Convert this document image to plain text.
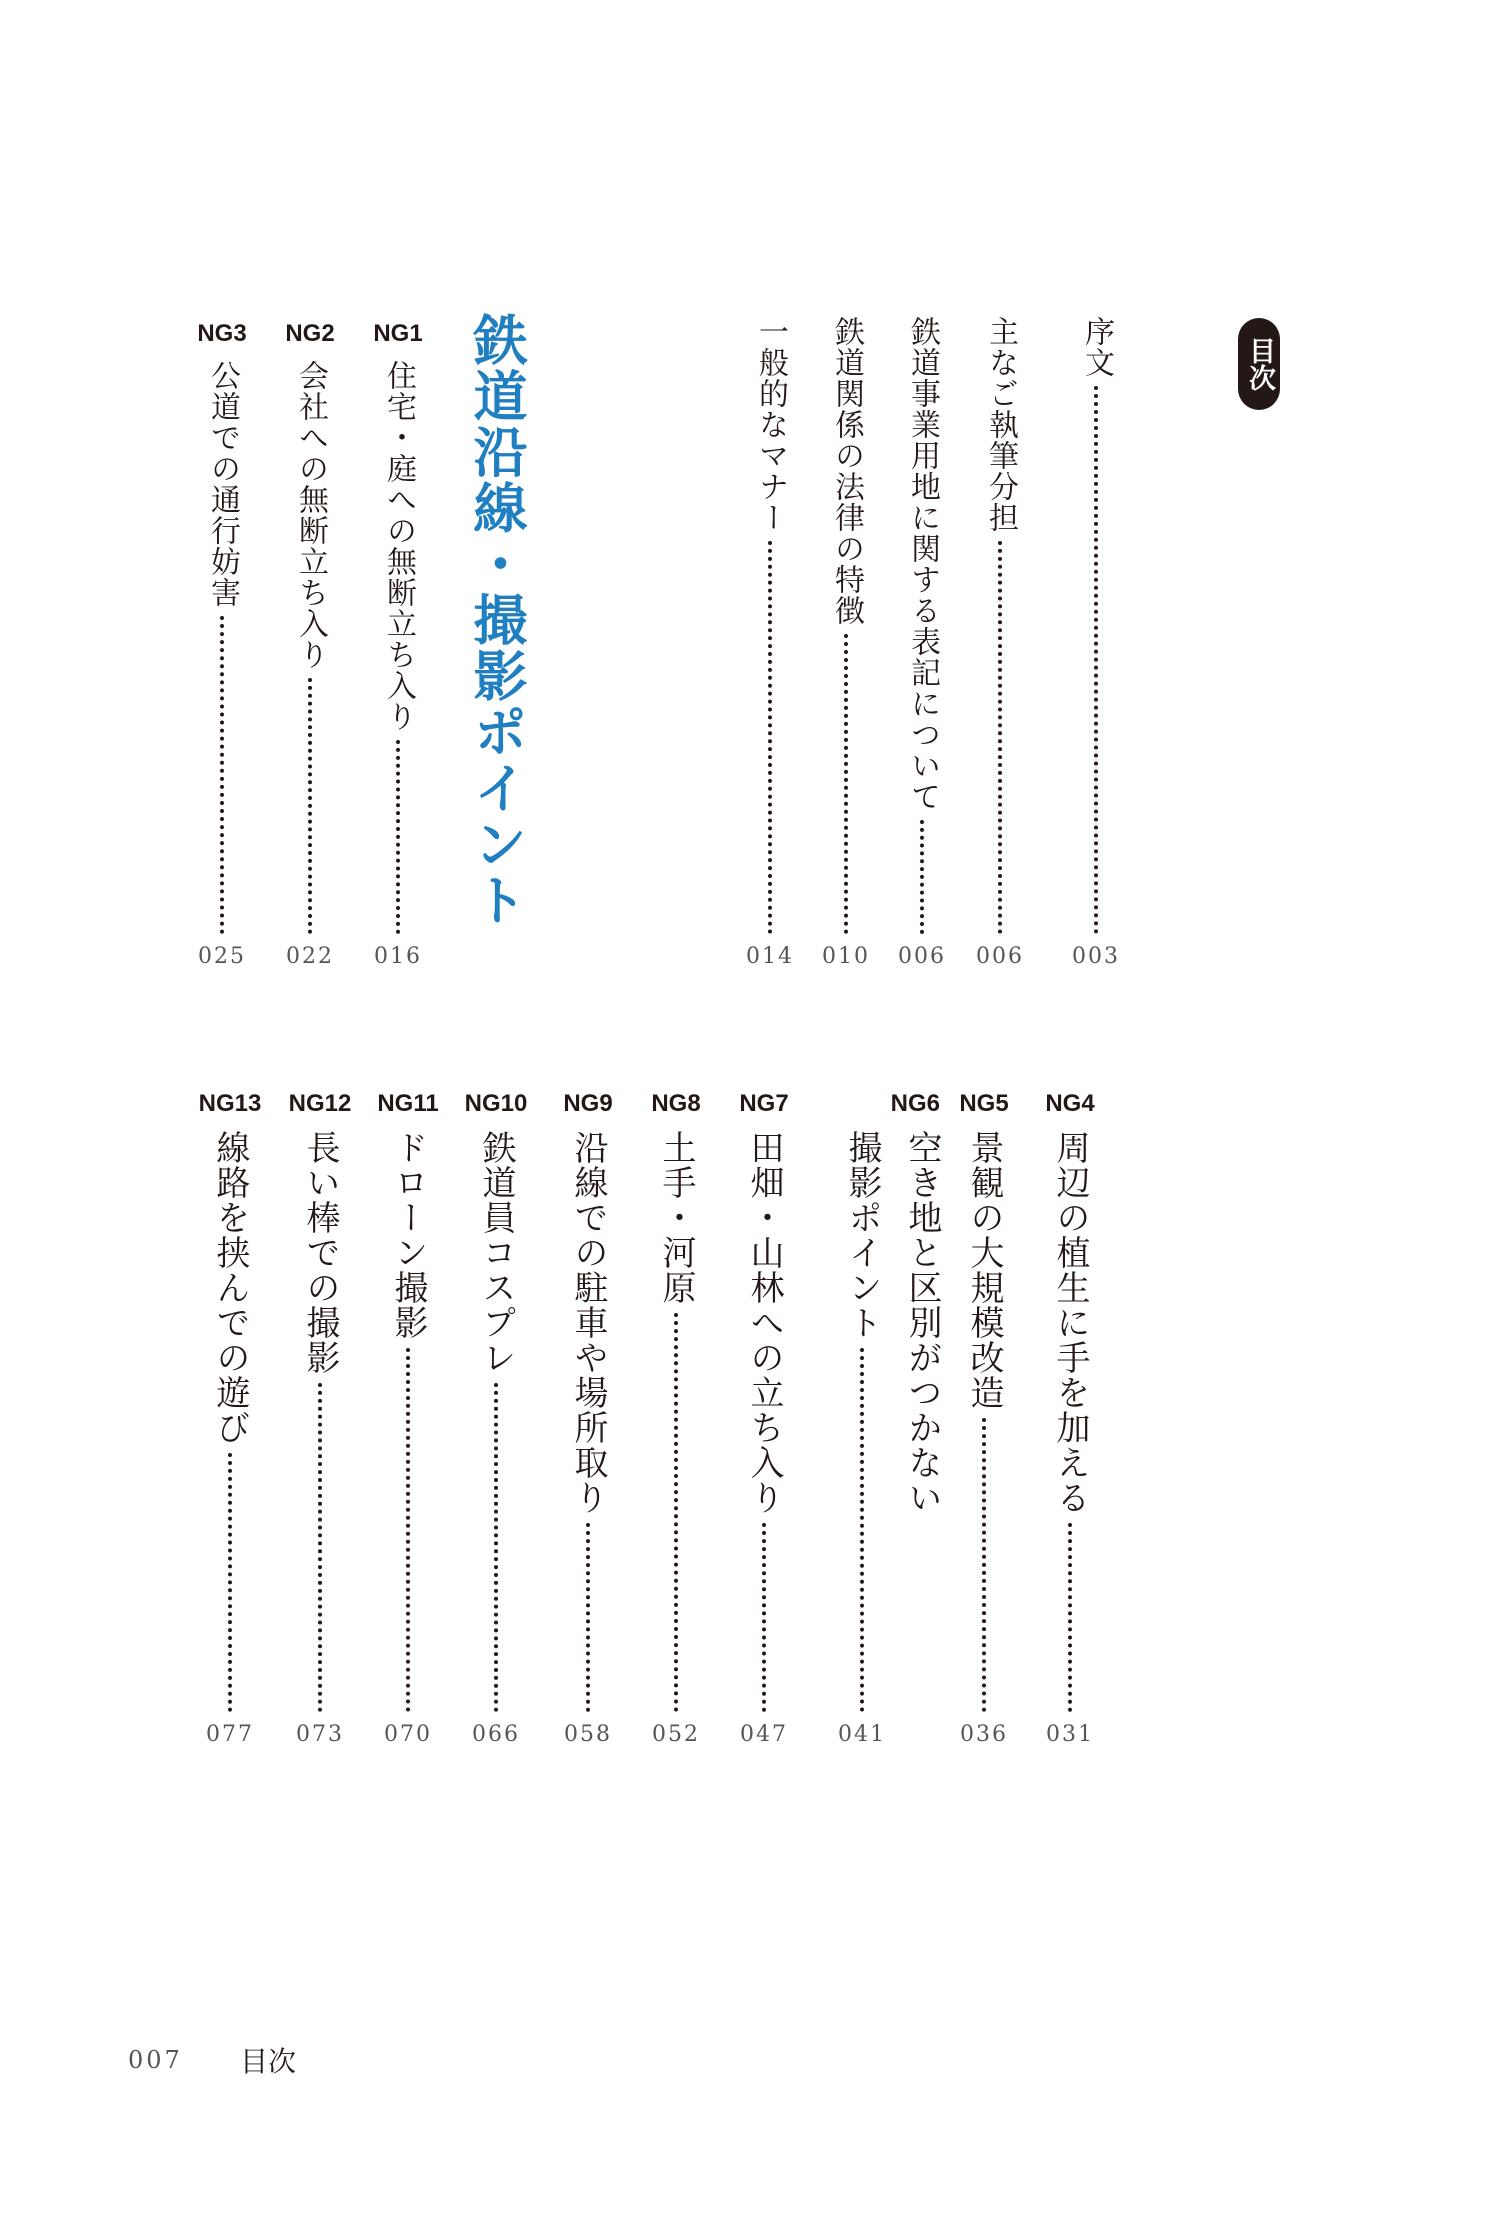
目次
序文
003
主なご執筆分担
006
鉄道事業用地に関する表記について
006
鉄道関係の法律の特徴
010
一般的なマナー
014
鉄道沿線・撮影ポイント
NG1
住宅・庭への無断立ち入り
016
NG2
会社への無断立ち入り
022
NG3
公道での通行妨害
025
NG4
周辺の植生に手を加える
031
NG5
景観の大規模改造
036
NG6
空き地と区別がつかない
撮影ポイント
041
NG7
田畑・山林への立ち入り
047
NG8
土手・河原
052
NG9
沿線での駐車や場所取り
058
NG10
鉄道員コスプレ
066
NG11
ドローン撮影
070
NG12
長い棒での撮影
073
NG13
線路を挟んでの遊び
077
007 目次
